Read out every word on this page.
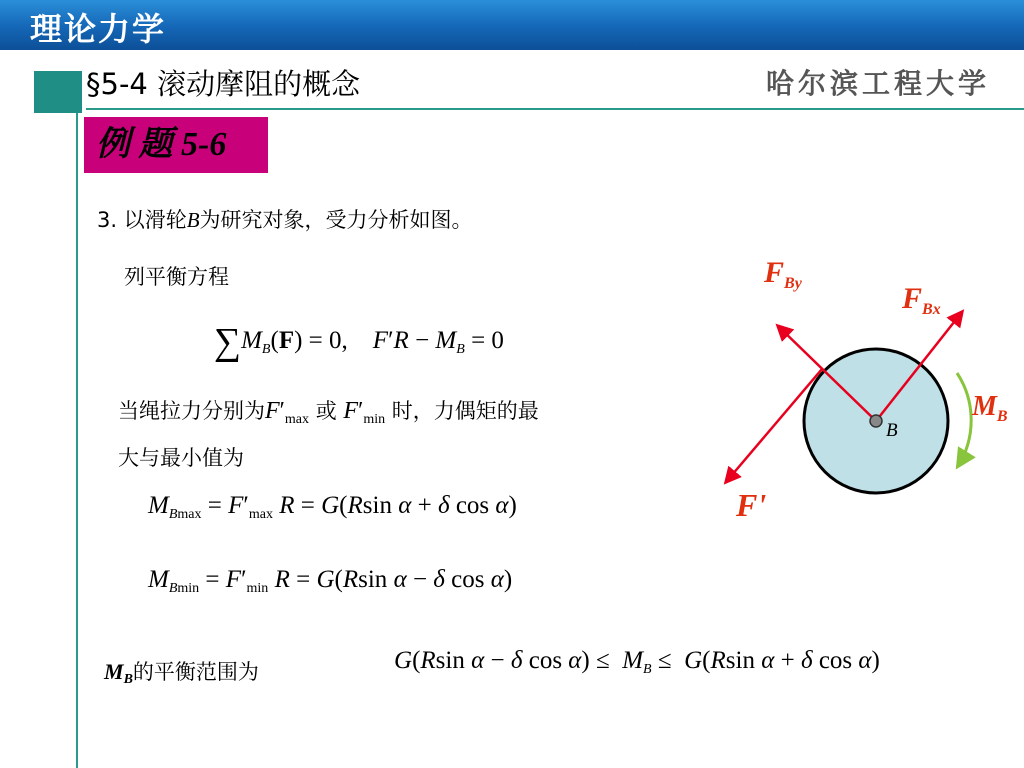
理论力学
§5-4 滚动摩阻的概念	哈尔滨工程大学
例 题 5-6
3. 以滑轮B为研究对象，受力分析如图。
列平衡方程
$\sum M_B(F) = 0$,    $F'R - M_B = 0$
当绳拉力分别为$F'_{max}$ 或 $F'_{min}$ 时，力偶矩的最
大与最小值为
$M_{Bmax} = F'_{max}$ R = G(Rsin α + δ cos α)
$M_{Bmin} = F'_{min}$ R = G(Rsin α − δ cos α)
MB的平衡范围为	G(Rsin α − δ $\cos \alpha) \le M_B \le G(Rsin$ α + δ cos α)
B
$F_{By}$	$F_{Bx}$
$M_B$
F'
